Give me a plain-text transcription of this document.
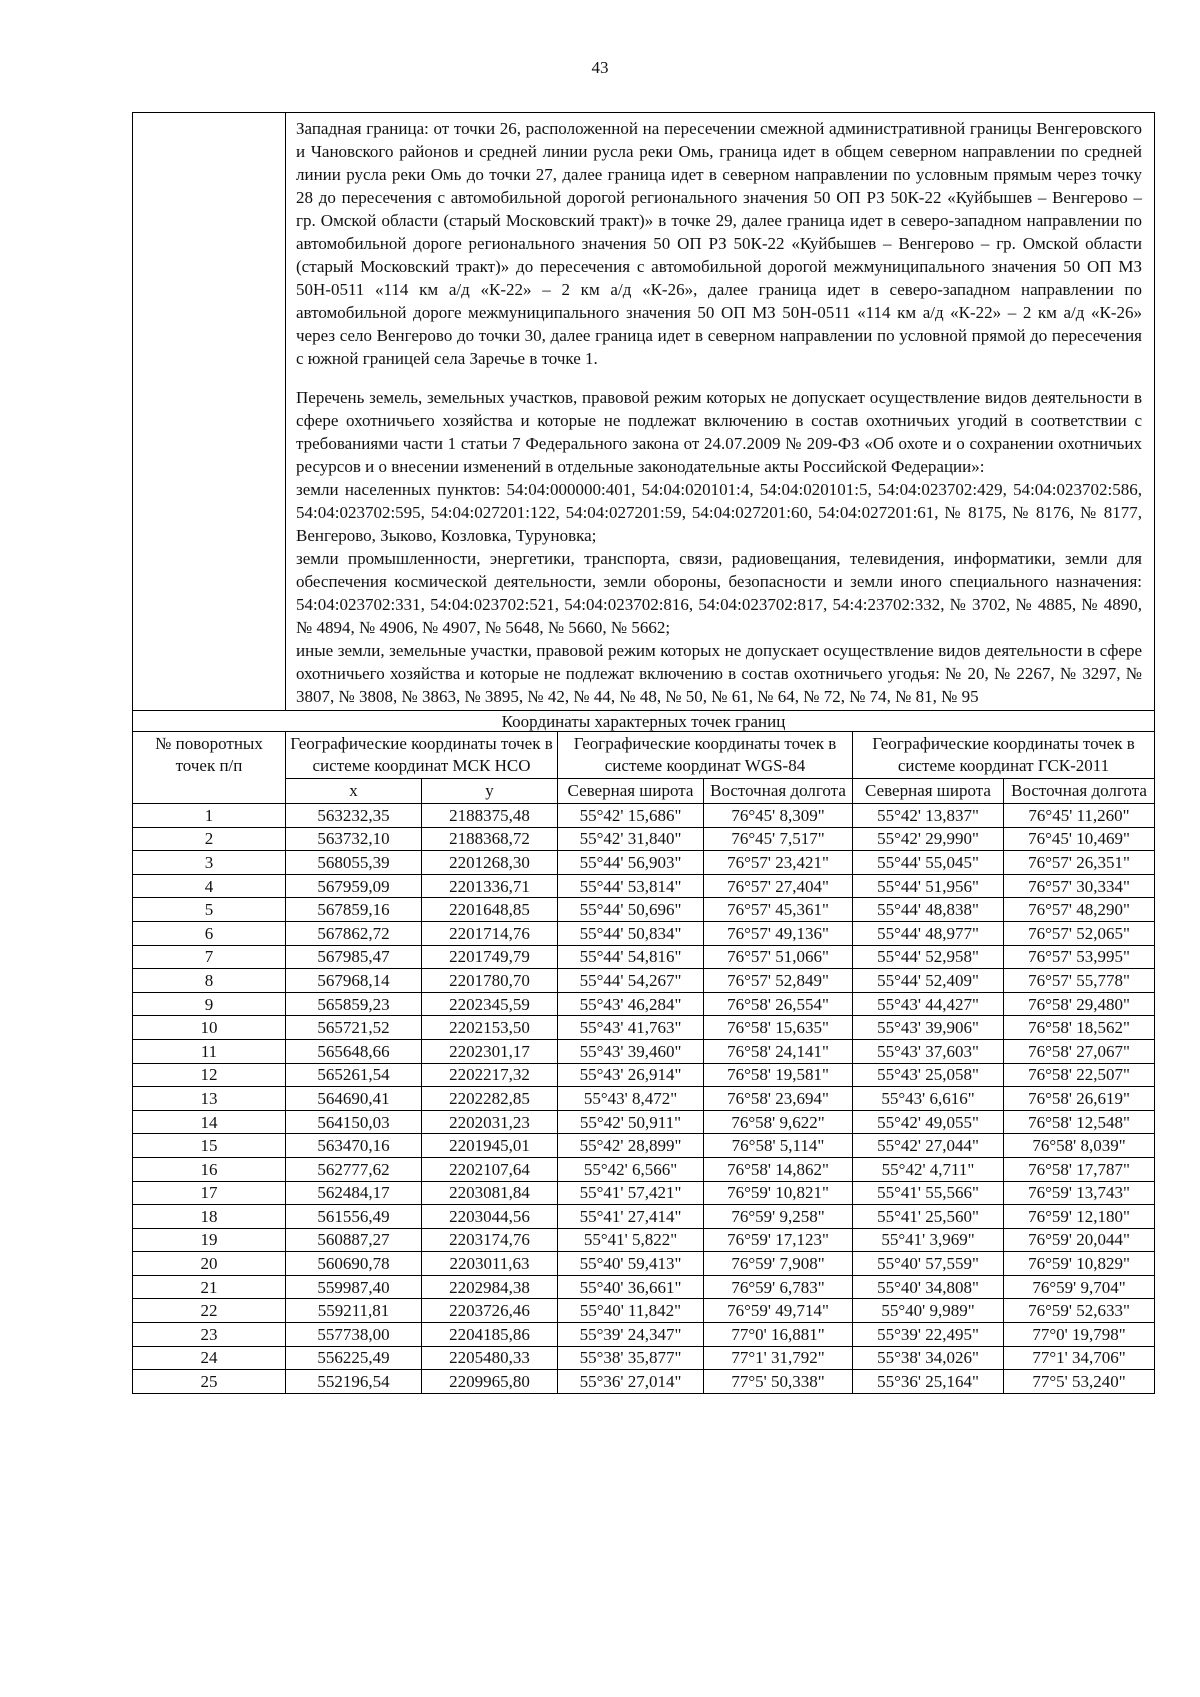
43

	Западная граница: от точки 26, расположенной на пересечении смежной административной границы Венгеровского и Чановского районов и средней линии русла реки Омь, граница идет в общем северном направлении по средней линии русла реки Омь до точки 27, далее граница идет в северном направлении по условным прямым через точку 28 до пересечения с автомобильной дорогой регионального значения 50 ОП РЗ 50К-22 «Куйбышев – Венгерово – гр. Омской области (старый Московский тракт)» в точке 29, далее граница идет в северо-западном направлении по автомобильной дороге регионального значения 50 ОП РЗ 50К-22 «Куйбышев – Венгерово – гр. Омской области (старый Московский тракт)» до пересечения с автомобильной дорогой межмуниципального значения 50 ОП МЗ 50Н-0511 «114 км а/д «К-22» – 2 км а/д «К-26», далее граница идет в северо-западном направлении по автомобильной дороге межмуниципального значения 50 ОП МЗ 50Н-0511 «114 км а/д «К-22» – 2 км а/д «К-26» через село Венгерово до точки 30, далее граница идет в северном направлении по условной прямой до пересечения с южной границей села Заречье в точке 1.

Перечень земель, земельных участков, правовой режим которых не допускает осуществление видов деятельности в сфере охотничьего хозяйства и которые не подлежат включению в состав охотничьих угодий в соответствии с требованиями части 1 статьи 7 Федерального закона от 24.07.2009 № 209-ФЗ «Об охоте и о сохранении охотничьих ресурсов и о внесении изменений в отдельные законодательные акты Российской Федерации»:

земли населенных пунктов: 54:04:000000:401, 54:04:020101:4, 54:04:020101:5, 54:04:023702:429, 54:04:023702:586, 54:04:023702:595, 54:04:027201:122, 54:04:027201:59, 54:04:027201:60, 54:04:027201:61, № 8175, № 8176, № 8177, Венгерово, Зыково, Козловка, Туруновка;

земли промышленности, энергетики, транспорта, связи, радиовещания, телевидения, информатики, земли для обеспечения космической деятельности, земли обороны, безопасности и земли иного специального назначения: 54:04:023702:331, 54:04:023702:521, 54:04:023702:816, 54:04:023702:817, 54:4:23702:332, № 3702, № 4885, № 4890, № 4894, № 4906, № 4907, № 5648, № 5660, № 5662;

иные земли, земельные участки, правовой режим которых не допускает осуществление видов деятельности в сфере охотничьего хозяйства и которые не подлежат включению в состав охотничьего угодья: № 20, № 2267, № 3297, № 3807, № 3808, № 3863, № 3895, № 42, № 44, № 48, № 50, № 61, № 64, № 72, № 74, № 81, № 95					

Координаты характерных точек границ						
№ поворотных точек п/п	Географические координаты точек в системе координат МСК НСО		Географические координаты точек в системе координат WGS-84		Географические координаты точек в системе координат ГСК-2011	
	x	y	Северная широта	Восточная долгота	Северная широта	Восточная долгота
1	563232,35	2188375,48	55°42' 15,686"	76°45' 8,309"	55°42' 13,837"	76°45' 11,260"
2	563732,10	2188368,72	55°42' 31,840"	76°45' 7,517"	55°42' 29,990"	76°45' 10,469"
3	568055,39	2201268,30	55°44' 56,903"	76°57' 23,421"	55°44' 55,045"	76°57' 26,351"
4	567959,09	2201336,71	55°44' 53,814"	76°57' 27,404"	55°44' 51,956"	76°57' 30,334"
5	567859,16	2201648,85	55°44' 50,696"	76°57' 45,361"	55°44' 48,838"	76°57' 48,290"
6	567862,72	2201714,76	55°44' 50,834"	76°57' 49,136"	55°44' 48,977"	76°57' 52,065"
7	567985,47	2201749,79	55°44' 54,816"	76°57' 51,066"	55°44' 52,958"	76°57' 53,995"
8	567968,14	2201780,70	55°44' 54,267"	76°57' 52,849"	55°44' 52,409"	76°57' 55,778"
9	565859,23	2202345,59	55°43' 46,284"	76°58' 26,554"	55°43' 44,427"	76°58' 29,480"
10	565721,52	2202153,50	55°43' 41,763"	76°58' 15,635"	55°43' 39,906"	76°58' 18,562"
11	565648,66	2202301,17	55°43' 39,460"	76°58' 24,141"	55°43' 37,603"	76°58' 27,067"
12	565261,54	2202217,32	55°43' 26,914"	76°58' 19,581"	55°43' 25,058"	76°58' 22,507"
13	564690,41	2202282,85	55°43' 8,472"	76°58' 23,694"	55°43' 6,616"	76°58' 26,619"
14	564150,03	2202031,23	55°42' 50,911"	76°58' 9,622"	55°42' 49,055"	76°58' 12,548"
15	563470,16	2201945,01	55°42' 28,899"	76°58' 5,114"	55°42' 27,044"	76°58' 8,039"
16	562777,62	2202107,64	55°42' 6,566"	76°58' 14,862"	55°42' 4,711"	76°58' 17,787"
17	562484,17	2203081,84	55°41' 57,421"	76°59' 10,821"	55°41' 55,566"	76°59' 13,743"
18	561556,49	2203044,56	55°41' 27,414"	76°59' 9,258"	55°41' 25,560"	76°59' 12,180"
19	560887,27	2203174,76	55°41' 5,822"	76°59' 17,123"	55°41' 3,969"	76°59' 20,044"
20	560690,78	2203011,63	55°40' 59,413"	76°59' 7,908"	55°40' 57,559"	76°59' 10,829"
21	559987,40	2202984,38	55°40' 36,661"	76°59' 6,783"	55°40' 34,808"	76°59' 9,704"
22	559211,81	2203726,46	55°40' 11,842"	76°59' 49,714"	55°40' 9,989"	76°59' 52,633"
23	557738,00	2204185,86	55°39' 24,347"	77°0' 16,881"	55°39' 22,495"	77°0' 19,798"
24	556225,49	2205480,33	55°38' 35,877"	77°1' 31,792"	55°38' 34,026"	77°1' 34,706"
25	552196,54	2209965,80	55°36' 27,014"	77°5' 50,338"	55°36' 25,164"	77°5' 53,240"
